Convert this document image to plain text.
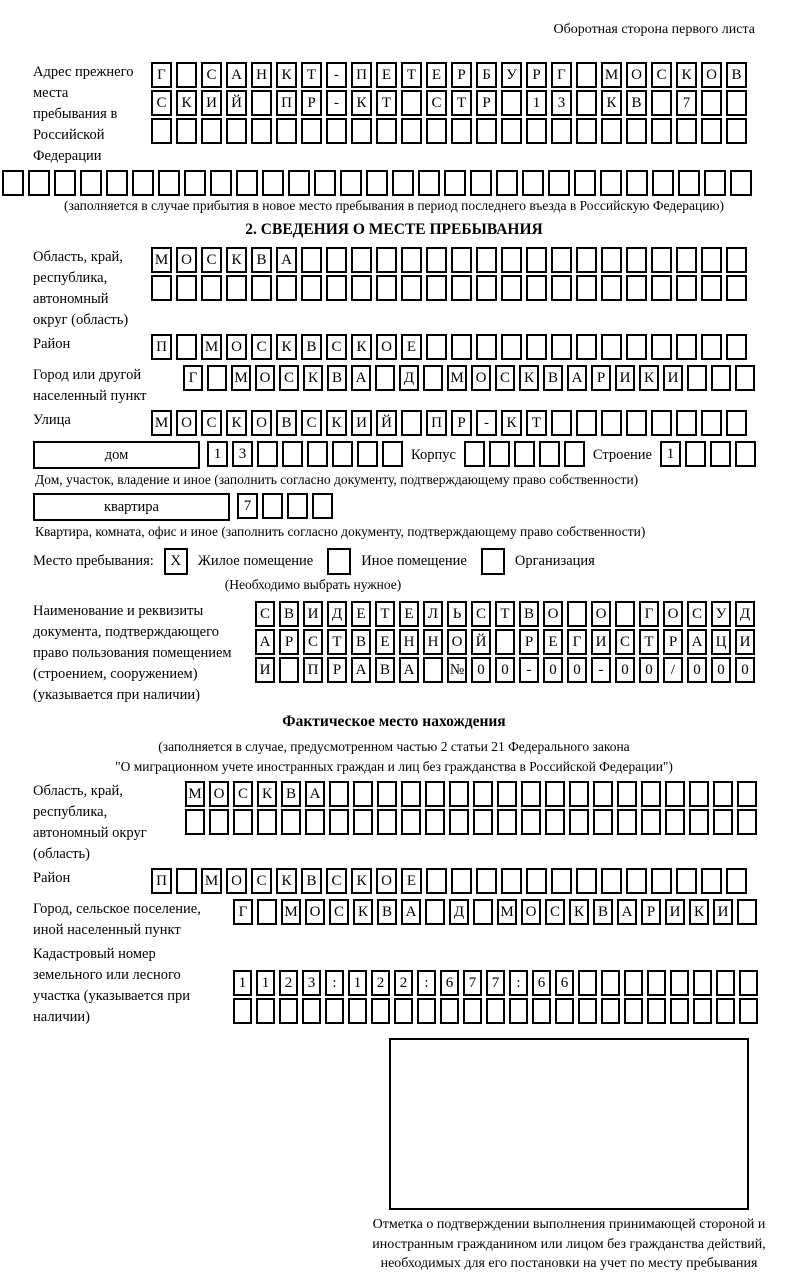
Оборотная сторона первого листа
Адрес прежнего места пребывания в Российской Федерации
Г	С А Н К	Т	-	П Е	Т	Е	Р	Б	У	Р	Г	М О С К О В
С К И Й	П	Р	-	К	Т	С	Т	Р	1	3	К В	7
(заполняется в случае прибытия в новое место пребывания в период последнего въезда в Российскую Федерацию)
2. СВЕДЕНИЯ О МЕСТЕ ПРЕБЫВАНИЯ
Область, край, республика, автономный округ (область)
М О С К В А
Район	П	М О С К В С К О Е
Город или другой населенный пункт
Г	М О С К В А	Д	М О С К В А Р И К И
Улица	М О С К О В С К И Й	П	Р	-	К	Т
дом	1	3	Корпус	Строение 1
Дом, участок, владение и иное (заполнить согласно документу, подтверждающему право собственности)
квартира	7
Квартира, комната, офис и иное (заполнить согласно документу, подтверждающему право собственности)
Место пребывания:	X	Жилое помещение	Иное помещение	Организация
(Необходимо выбрать нужное)
Наименование и реквизиты документа, подтверждающего право пользования помещением (строением, сооружением) (указывается при наличии)
С В И Д Е Т Е Л Ь С Т В О	О	Г О С У Д
А Р С Т В Е Н Н О Й	Р	Е	Г И С Т	Р А Ц И
И	П Р А В А	№ 0	0	-	0	0	-	0	0	/	0	0	0
Фактическое место нахождения
(заполняется в случае, предусмотренном частью 2 статьи 21 Федерального закона
"О миграционном учете иностранных граждан и лиц без гражданства в Российской Федерации")
Область, край, республика, автономный округ (область)
М О С К В А
Район	П	М О С К В С К О Е
Город, сельское поселение, иной населенный пункт
Г	М О С К В А	Д	М О С К В А Р И К И
Кадастровый номер земельного или лесного участка (указывается при наличии)
1	1	2	3	:	1	2	2	:	6	7	7	:	6	6
Отметка о подтверждении выполнения принимающей стороной и иностранным гражданином или лицом без гражданства действий, необходимых для его постановки на учет по месту пребывания
